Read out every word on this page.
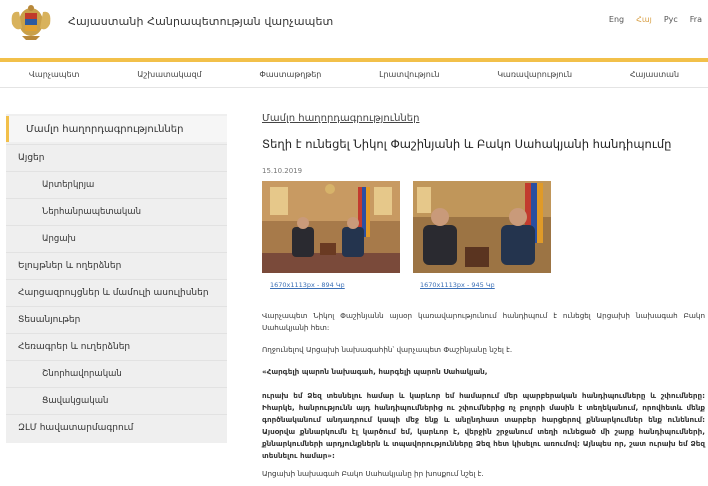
Հայաստանի Հանրապետության վարչապետ	Eng Հայ Рус Fra
Վարչապետ	Աշխատակազմ	Փաստաթղթեր	Լրատվություն	Կառավարություն	Հայաստան
Մամլո հաղորդագրություններ
Այցեր
Արտերկրյա
Ներհանրապետական
Արցախ
Ելույթներ և ողերձներ
Հարցազրույցներ և մամուլի ասուլիսներ
Տեսանյութեր
Հեռագրեր և ուղերձներ
Շնորհավորական
Ցավակցական
ԶԼՄ հավատարմագրում
Մամլո հաղորդագրություններ
Տեղի է ունեցել Նիկոլ Փաշինյանի և Բակո Սահակյանի հանդիպումը
15.10.2019
1670x1113px - 894 Կբ	1670x1113px - 945 Կբ

Վարչապետ Նիկոլ Փաշինյանն այսօր կառավարությունում հանդիպում է ունեցել Արցախի նախագահ Բակո Սահակյանի հետ:

Ողջունելով Արցախի նախագահին՝ վարչապետ Փաշինյանը նշել է.

«Հարգելի պարոն նախագահ, հարգելի պարոն Սահակյան,

ուրախ եմ Ձեզ տեսնելու համար և կարևոր եմ համարում մեր պարբերական հանդիպումները և շփումները: Իհարկե, հանրությունն այդ հանդիպումներից ու շփումներից ոչ բոլորի մասին է տեղեկանում, որովհետև մենք գործնականում անդադրում կապի մեջ ենք և անընդհատ տարբեր հարցերով քննարկումներ ենք ունենում: Այսօրվա քննարկումն էլ կարծում եմ, կարևոր է, վերջին շրջանում տեղի ունեցած մի շարք հանդիպումների, քննարկումների արդյունքներն և տպավորությունները Ձեզ հետ կիսելու առումով: Այնպես որ, շատ ուրախ եմ Ձեզ տեսնելու համար»:

Արցախի նախագահ Բակո Սահակյանը իր խոսքում նշել է.
